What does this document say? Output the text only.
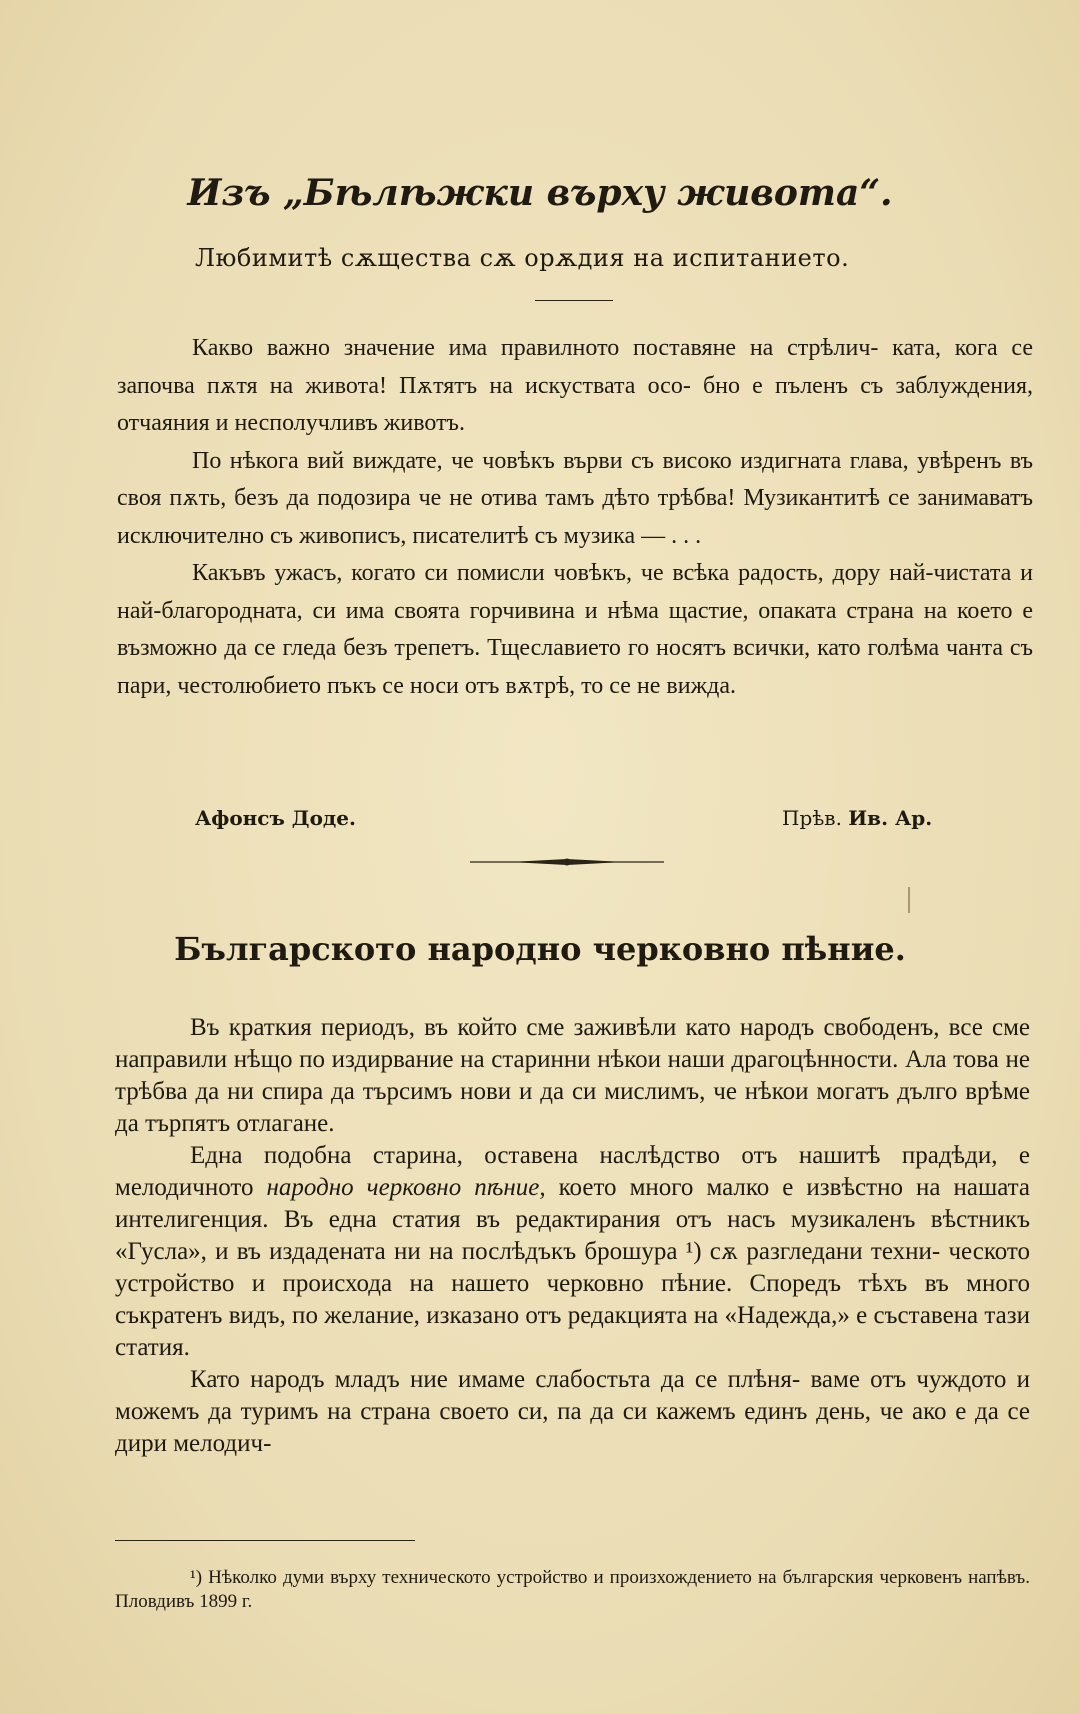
Изъ „Бѣлѣжки върху живота“.
Любимитѣ сѫщества сѫ орѫдия на испитанието.

Какво важно значение има правилното поставяне на стрѣлич- ката, кога се започва пѫтя на живота! Пѫтятъ на искуствата осо- бно е пъленъ съ заблуждения, отчаяния и несполучливъ животъ.

По нѣкога вий виждате, че човѣкъ върви съ високо издигната глава, увѣренъ въ своя пѫть, безъ да подозира че не отива тамъ дѣто трѣбва! Музикантитѣ се занимаватъ исключително съ живописъ, писателитѣ съ музика — . . .

Какъвъ ужасъ, когато си помисли човѣкъ, че всѣка радость, дору най-чистата и най-благородната, си има своята горчивина и нѣма щастие, опаката страна на което е възможно да се гледа безъ трепетъ. Тщеславието го носятъ всички, като голѣма чанта съ пари, честолюбието пъкъ се носи отъ вѫтрѣ, то се не вижда.

Афонсъ Доде.	Прѣв. Ив. Ар.
Българското народно черковно пѣние.

Въ краткия периодъ, въ който сме заживѣли като народъ свободенъ, все сме направили нѣщо по издирвание на старинни нѣкои наши драгоцѣнности. Ала това не трѣбва да ни спира да търсимъ нови и да си мислимъ, че нѣкои могатъ дълго врѣме да търпятъ отлагане.

Една подобна старина, оставена наслѣдство отъ нашитѣ прадѣди, е мелодичното народно черковно пѣние, което много малко е извѣстно на нашата интелигенция. Въ една статия въ редактирания отъ насъ музикаленъ вѣстникъ «Гусла», и въ издадената ни на послѣдъкъ брошура ¹) сѫ разгледани техни- ческото устройство и происхода на нашето черковно пѣние. Споредъ тѣхъ въ много съкратенъ видъ, по желание, изказано отъ редакцията на «Надежда,» е съставена тази статия.

Като народъ младъ ние имаме слабостьта да се плѣня- ваме отъ чуждото и можемъ да туримъ на страна своето си, па да си кажемъ единъ день, че ако е да се дири мелодич-

¹) Нѣколко думи върху техническото устройство и произхождението на българския черковенъ напѣвъ. Пловдивъ 1899 г.
